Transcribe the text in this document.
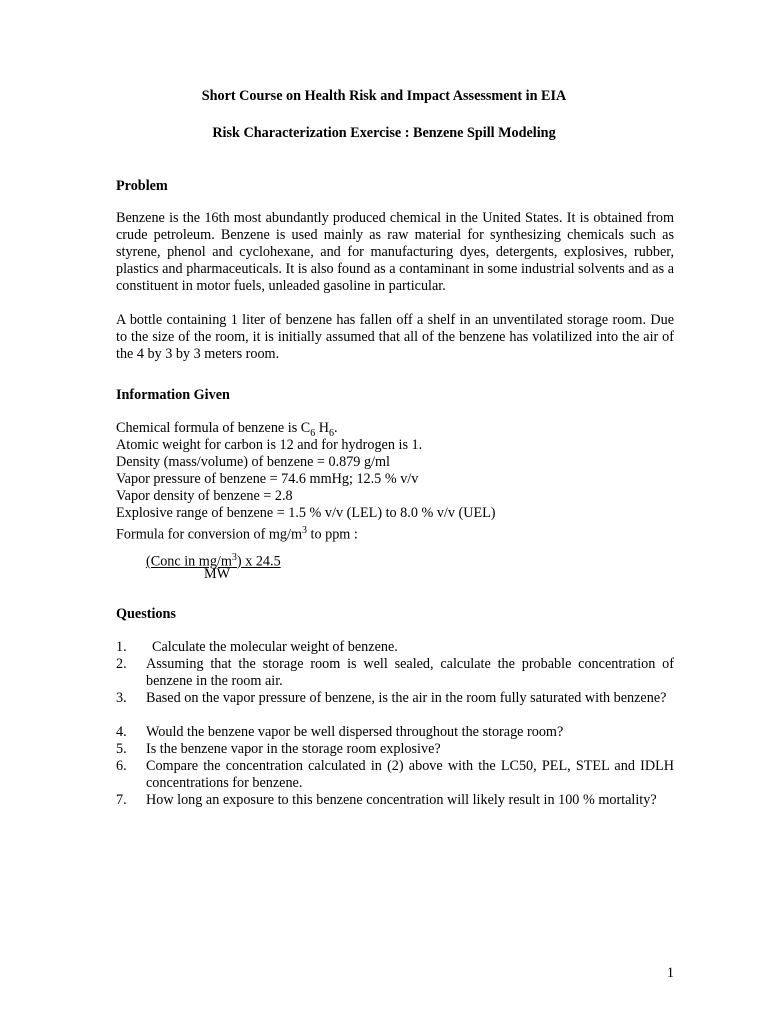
Short Course on Health Risk and Impact Assessment in EIA
Risk Characterization Exercise : Benzene Spill Modeling
Problem
Benzene is the 16th most abundantly produced chemical in the United States. It is obtained from crude petroleum. Benzene is used mainly as raw material for synthesizing chemicals such as styrene, phenol and cyclohexane, and for manufacturing dyes, detergents, explosives, rubber, plastics and pharmaceuticals. It is also found as a contaminant in some industrial solvents and as a constituent in motor fuels, unleaded gasoline in particular.
A bottle containing 1 liter of benzene has fallen off a shelf in an unventilated storage room. Due to the size of the room, it is initially assumed that all of the benzene has volatilized into the air of the 4 by 3 by 3 meters room.
Information Given
Chemical formula of benzene is $C_6$ $H_6$.
Atomic weight for carbon is 12 and for hydrogen is 1.
Density (mass/volume) of benzene = 0.879 g/ml
Vapor pressure of benzene = 74.6 mmHg; 12.5 % v/v
Vapor density of benzene = 2.8
Explosive range of benzene = 1.5 % v/v (LEL) to 8.0 % v/v (UEL)
Formula for conversion of $mg/m^3$ to ppm :
(Conc in $mg/m^3$) x 24.5
MW
Questions
1. Calculate the molecular weight of benzene.
2. Assuming that the storage room is well sealed, calculate the probable concentration of benzene in the room air.
3. Based on the vapor pressure of benzene, is the air in the room fully saturated with benzene?
4. Would the benzene vapor be well dispersed throughout the storage room?
5. Is the benzene vapor in the storage room explosive?
6. Compare the concentration calculated in (2) above with the LC50, PEL, STEL and IDLH concentrations for benzene.
7. How long an exposure to this benzene concentration will likely result in 100 % mortality?
1
